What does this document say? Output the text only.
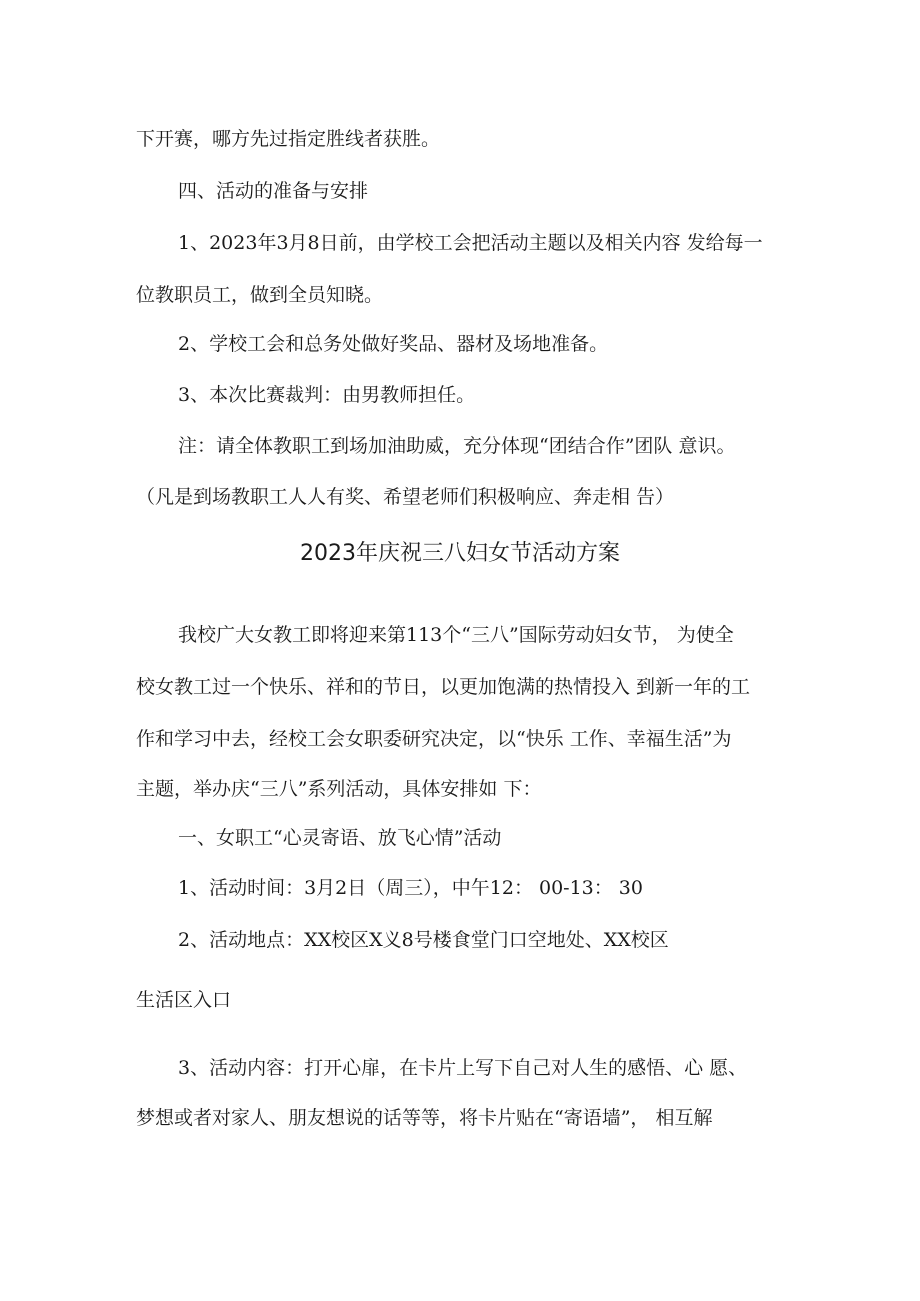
下开赛，哪方先过指定胜线者获胜。
四、活动的准备与安排
1、2023年3月8日前，由学校工会把活动主题以及相关内容 发给每一
位教职员工，做到全员知晓。
2、学校工会和总务处做好奖品、器材及场地准备。
3、本次比赛裁判：由男教师担任。
注：请全体教职工到场加油助威，充分体现“团结合作”团队 意识。
（凡是到场教职工人人有奖、希望老师们积极响应、奔走相 告）
2023年庆祝三八妇女节活动方案
我校广大女教工即将迎来第113个“三八”国际劳动妇女节， 为使全
校女教工过一个快乐、祥和的节日，以更加饱满的热情投入 到新一年的工
作和学习中去，经校工会女职委研究决定，以“快乐 工作、幸福生活”为
主题，举办庆“三八”系列活动，具体安排如 下：
一、女职工“心灵寄语、放飞心情”活动
1、活动时间：3月2日（周三），中午12： 00-13： 30
2、活动地点：XX校区X义8号楼食堂门口空地处、XX校区
生活区入口
3、活动内容：打开心扉，在卡片上写下自己对人生的感悟、心 愿、
梦想或者对家人、朋友想说的话等等，将卡片贴在“寄语墙”， 相互解
